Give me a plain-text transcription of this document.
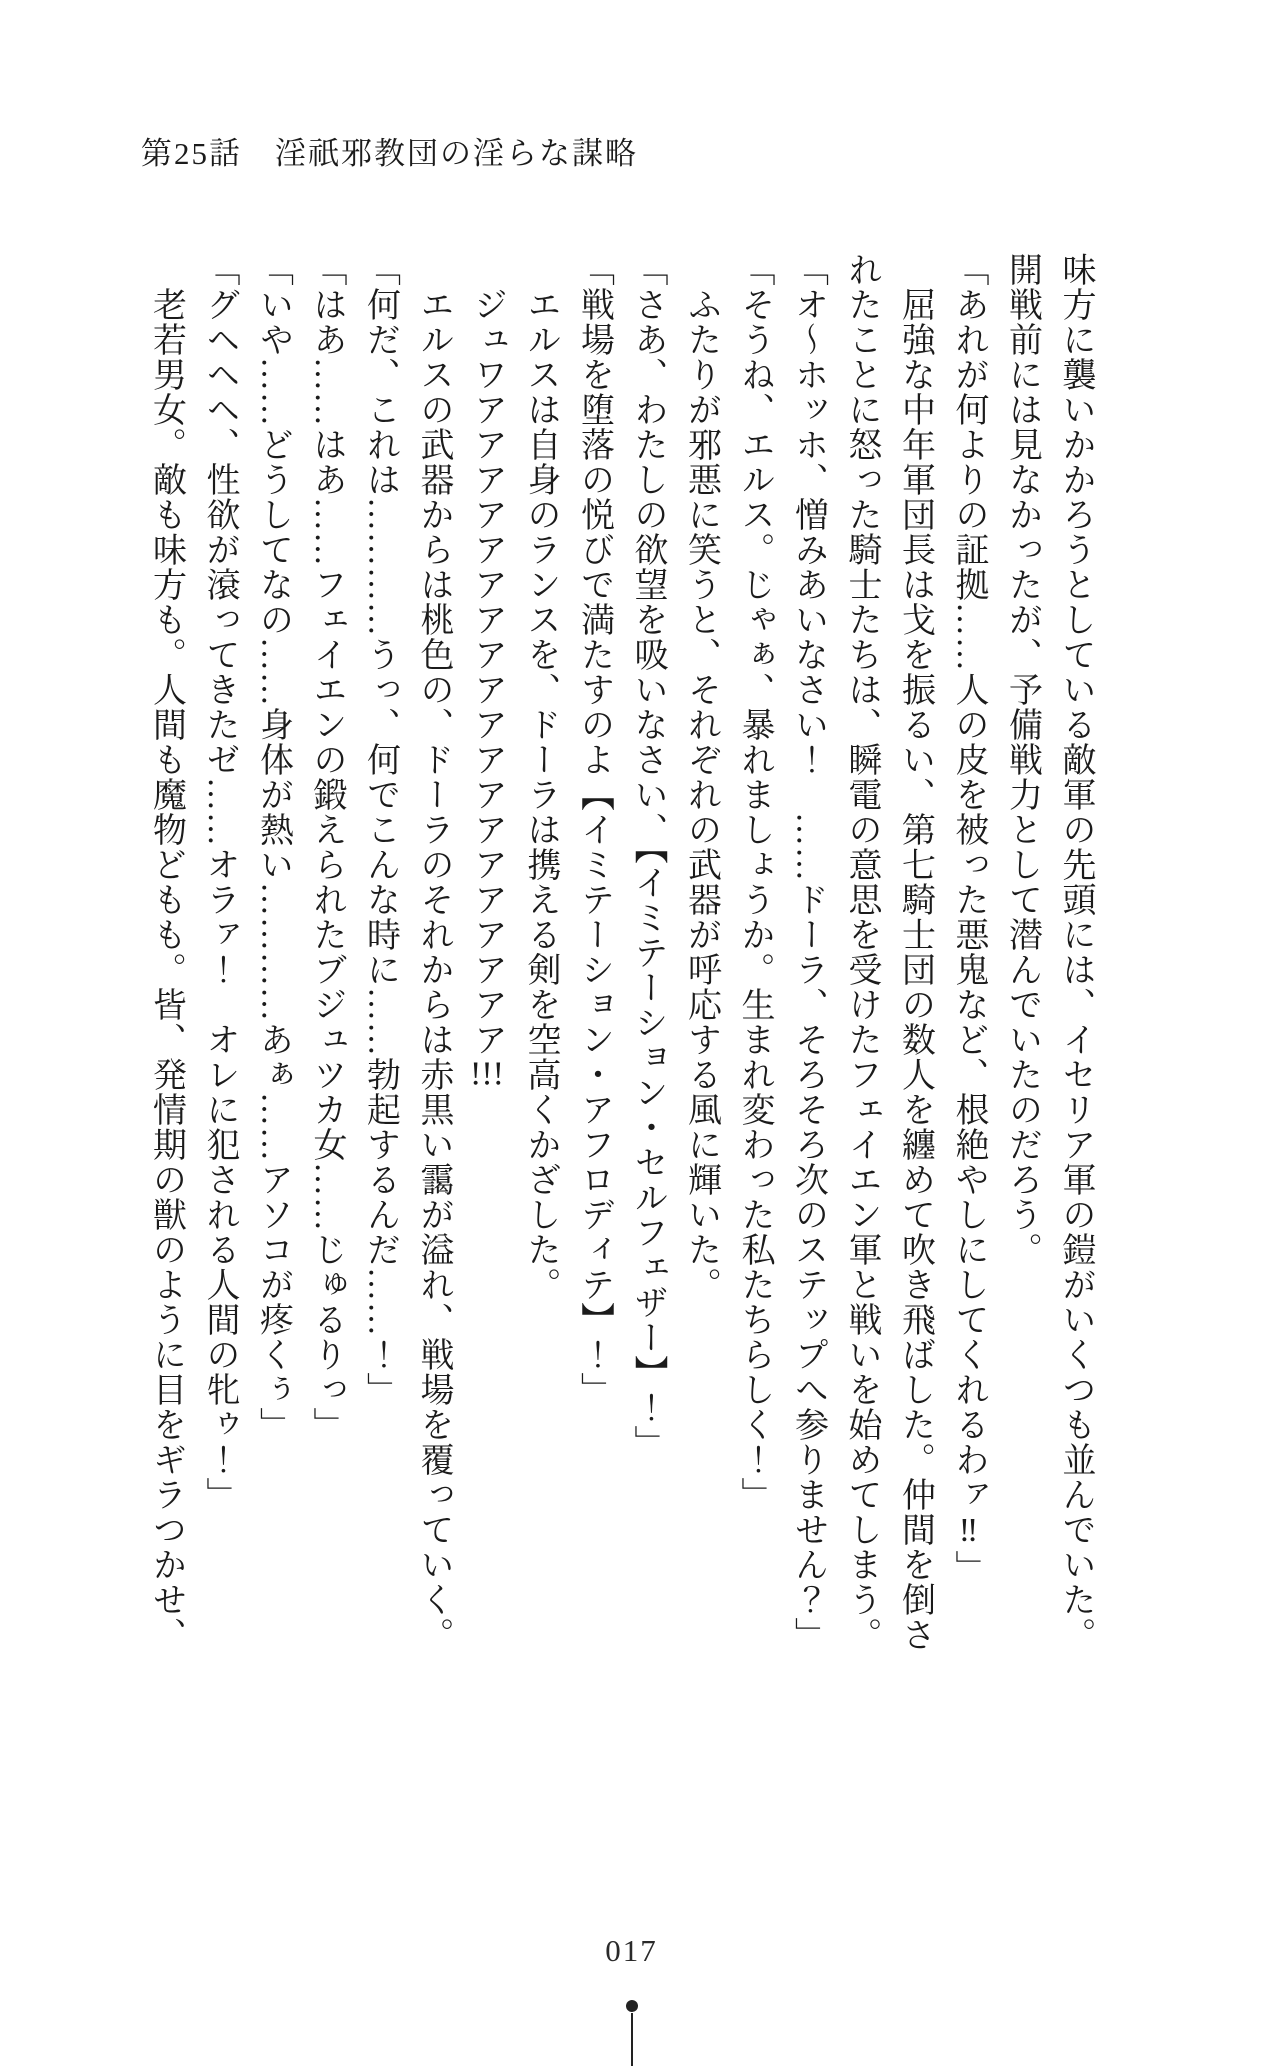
第25話　淫祇邪教団の淫らな謀略

味方に襲いかかろうとしている敵軍の先頭には、イセリア軍の鎧がいくつも並んでいた。

開戦前には見なかったが、予備戦力として潜んでいたのだろう。

「あれが何よりの証拠……人の皮を被った悪鬼など、根絶やしにしてくれるわァ‼」

　屈強な中年軍団長は戈を振るい、第七騎士団の数人を纏めて吹き飛ばした。仲間を倒さ

れたことに怒った騎士たちは、瞬電の意思を受けたフェイエン軍と戦いを始めてしまう。

「オ～ホッホ、憎みあいなさい！　……ドーラ、そろそろ次のステップへ参りません？」

「そうね、エルス。じゃぁ、暴れましょうか。生まれ変わった私たちらしく！」

　ふたりが邪悪に笑うと、それぞれの武器が呼応する風に輝いた。

「さあ、わたしの欲望を吸いなさい、【イミテーション・セルフェザー】！」

「戦場を堕落の悦びで満たすのよ【イミテーション・アフロディテ】！」

　エルスは自身のランスを、ドーラは携える剣を空高くかざした。

　ジュワアアアアアアアアアアアアアアアアアアア!!!

　エルスの武器からは桃色の、ドーラのそれからは赤黒い靄が溢れ、戦場を覆っていく。

「何だ、これは…………うっ、何でこんな時に……勃起するんだ……！」

「はあ……はあ……フェイエンの鍛えられたブジュツカ女……じゅるりっ」

「いや……どうしてなの……身体が熱い…………あぁ……アソコが疼くぅ」

「グヘヘヘ、性欲が滾ってきたゼ……オラァ！　オレに犯される人間の牝ゥ！」

　老若男女。敵も味方も。人間も魔物どもも。皆、発情期の獣のように目をギラつかせ、

017
